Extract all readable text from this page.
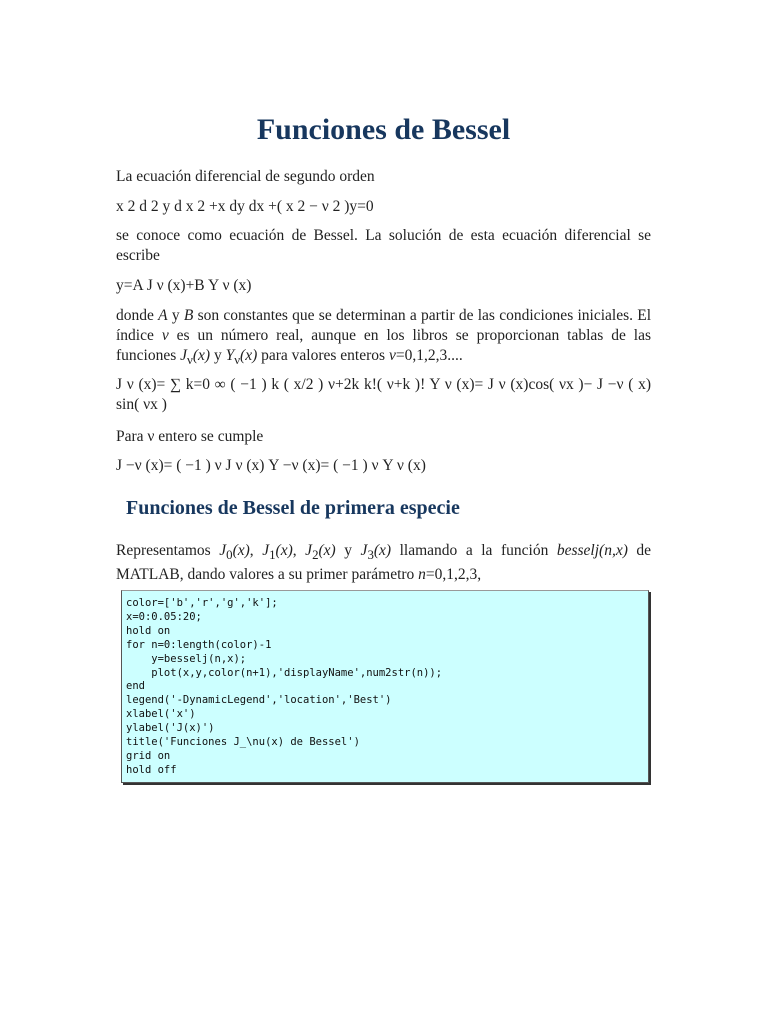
Funciones de Bessel

La ecuación diferencial de segundo orden

x 2 d 2 y d x 2 +x dy dx +( x 2 − ν 2 )y=0

se conoce como ecuación de Bessel. La solución de esta ecuación diferencial se escribe

y=A J ν (x)+B Y ν (x)

donde A y B son constantes que se determinan a partir de las condiciones iniciales. El índice ν es un número real, aunque en los libros se proporcionan tablas de las funciones $J_\nu(x)$ y $Y_\nu(x)$ para valores enteros ν=0,1,2,3....

J ν (x)= ∑ k=0 ∞ ( −1 ) k ( x/2 ) ν+2k k!( ν+k )! Y ν (x)= J ν (x)cos( νx )− J −ν ( x) sin( νx )

Para ν entero se cumple

J −ν (x)= ( −1 ) ν J ν (x) Y −ν (x)= ( −1 ) ν Y ν (x)

Funciones de Bessel de primera especie

Representamos $J_0(x)$, $J_1(x)$, $J_2(x)$ y $J_3(x)$ llamando a la función besselj(n,x) de MATLAB, dando valores a su primer parámetro n=0,1,2,3,

color=['b','r','g','k'];
x=0:0.05:20;
hold on
for n=0:length(color)-1
y=besselj(n,x);
plot(x,y,color(n+1),'displayName',num2str(n));
end
legend('-DynamicLegend','location','Best')
xlabel('x')
ylabel('J(x)')
title('Funciones J_\nu(x) de Bessel')
grid on
hold off
